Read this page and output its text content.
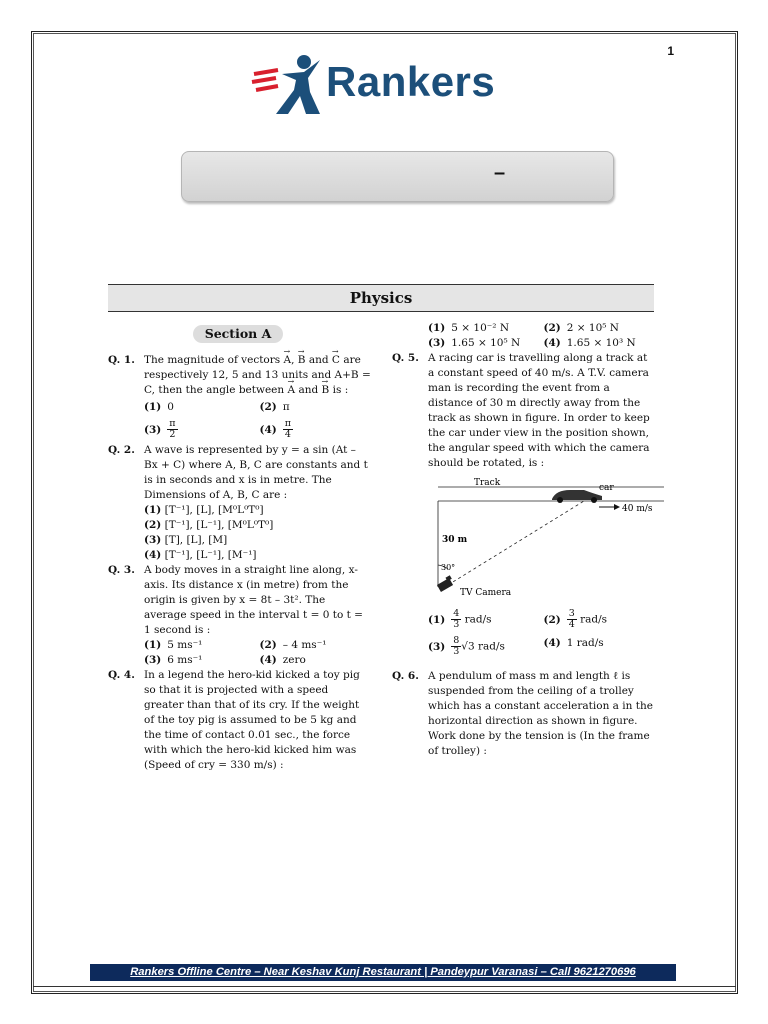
1
Rankers
–
Physics
Section A
Q. 1. The magnitude of vectors → A, → B and → C are respectively 12, 5 and 13 units and A+B = C, then the angle between → A and → B is :
(1) 0	(2) π
$(3) \frac{\pi}{2}$	$(4) \frac{\pi}{4}$
Q. 2. A wave is represented by y = a sin (At – Bx + C) where A, B, C are constants and t is in seconds and x is in metre. The Dimensions of A, B, C are :
(1) [T⁻¹], [L], [M⁰L⁰T⁰]
(2) [T⁻¹], [L⁻¹], [M⁰L⁰T⁰]
(3) [T], [L], [M]
(4) [T⁻¹], [L⁻¹], [M⁻¹]
Q. 3. A body moves in a straight line along, x-axis. Its distance x (in metre) from the origin is given by x = 8t – 3t². The average speed in the interval t = 0 to t = 1 second is :
(1) 5 ms⁻¹	(2) – 4 ms⁻¹
(3) 6 ms⁻¹	(4) zero
Q. 4. In a legend the hero-kid kicked a toy pig so that it is projected with a speed greater than that of its cry. If the weight of the toy pig is assumed to be 5 kg and the time of contact 0.01 sec., the force with which the hero-kid kicked him was (Speed of cry = 330 m/s) :
(1) 5 × 10⁻² N	(2) 2 × 10⁵ N
(3) 1.65 × 10⁵ N	(4) 1.65 × 10³ N
Q. 5. A racing car is travelling along a track at a constant speed of 40 m/s. A T.V. camera man is recording the event from a distance of 30 m directly away from the track as shown in figure. In order to keep the car under view in the position shown, the angular speed with which the camera should be rotated, is :
Track	car
40 m/s
30 m
30°
TV Camera
$(1) \frac{4}{3} rad/s$	$(2) \frac{3}{4} rad/s$
$(3) \frac{8}{3} √3$ rad/s	(4) 1 rad/s
Q. 6. A pendulum of mass m and length ℓ is suspended from the ceiling of a trolley which has a constant acceleration a in the horizontal direction as shown in figure. Work done by the tension is (In the frame of trolley) :
Rankers Offline Centre – Near Keshav Kunj Restaurant | Pandeypur Varanasi – Call 9621270696
